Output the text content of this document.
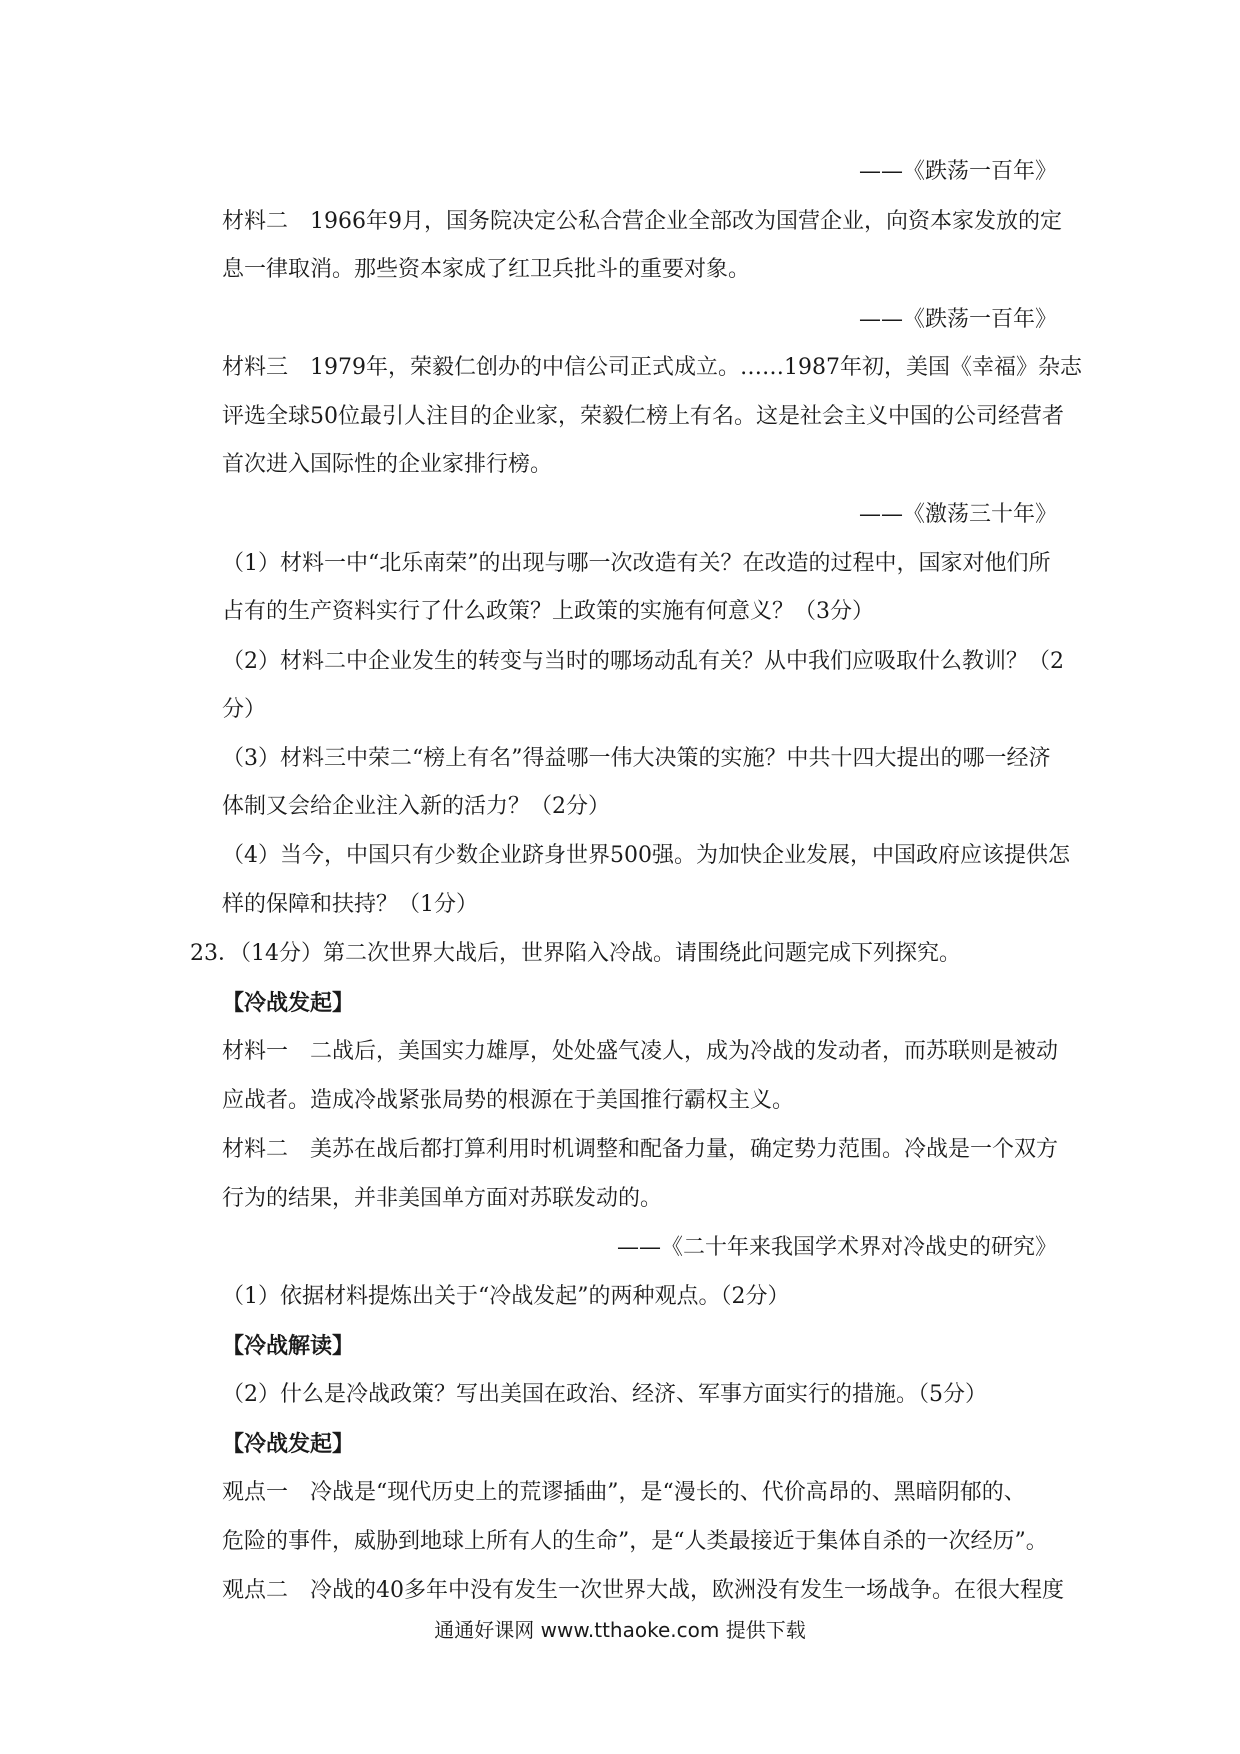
——《跌荡一百年》
材料二　1966年9月，国务院决定公私合营企业全部改为国营企业，向资本家发放的定
息一律取消。那些资本家成了红卫兵批斗的重要对象。
——《跌荡一百年》
材料三　1979年，荣毅仁创办的中信公司正式成立。……1987年初，美国《幸福》杂志
评选全球50位最引人注目的企业家，荣毅仁榜上有名。这是社会主义中国的公司经营者
首次进入国际性的企业家排行榜。
——《激荡三十年》
（1）材料一中“北乐南荣”的出现与哪一次改造有关？在改造的过程中，国家对他们所
占有的生产资料实行了什么政策？上政策的实施有何意义？（3分）
（2）材料二中企业发生的转变与当时的哪场动乱有关？从中我们应吸取什么教训？（2
分）
（3）材料三中荣二“榜上有名”得益哪一伟大决策的实施？中共十四大提出的哪一经济
体制又会给企业注入新的活力？（2分）
（4）当今，中国只有少数企业跻身世界500强。为加快企业发展，中国政府应该提供怎
样的保障和扶持？（1分）
23．（14分）第二次世界大战后，世界陷入冷战。请围绕此问题完成下列探究。
【冷战发起】
材料一　二战后，美国实力雄厚，处处盛气凌人，成为冷战的发动者，而苏联则是被动
应战者。造成冷战紧张局势的根源在于美国推行霸权主义。
材料二　美苏在战后都打算利用时机调整和配备力量，确定势力范围。冷战是一个双方
行为的结果，并非美国单方面对苏联发动的。
——《二十年来我国学术界对冷战史的研究》
（1）依据材料提炼出关于“冷战发起”的两种观点。（2分）
【冷战解读】
（2）什么是冷战政策？写出美国在政治、经济、军事方面实行的措施。（5分）
【冷战发起】
观点一　冷战是“现代历史上的荒谬插曲”，是“漫长的、代价高昂的、黑暗阴郁的、
危险的事件，威胁到地球上所有人的生命”，是“人类最接近于集体自杀的一次经历”。
观点二　冷战的40多年中没有发生一次世界大战，欧洲没有发生一场战争。在很大程度
通通好课网 www.tthaoke.com 提供下载
